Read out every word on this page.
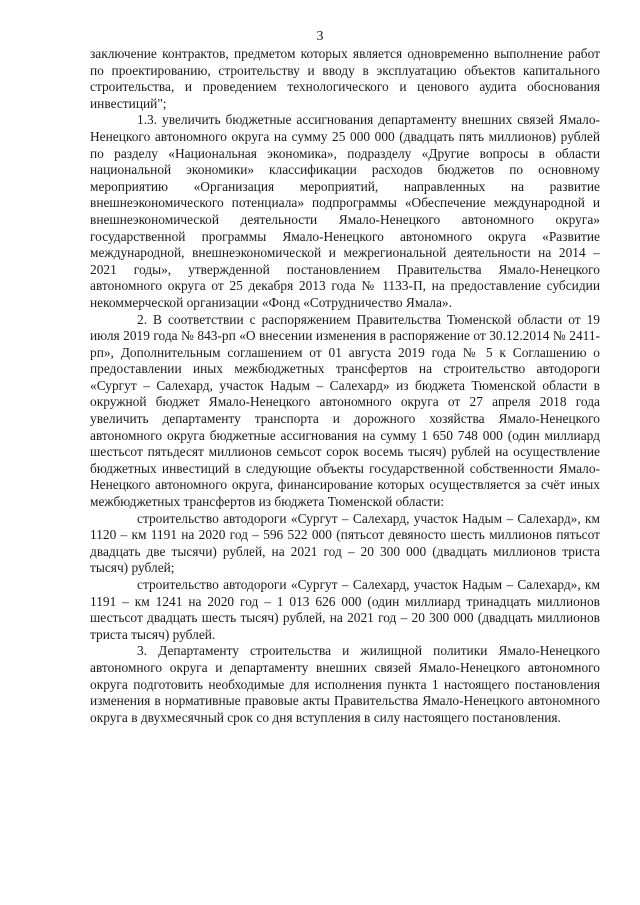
3

заключение контрактов, предметом которых является одновременно выполнение работ по проектированию, строительству и вводу в эксплуатацию объектов капитального строительства, и проведением технологического и ценового аудита обоснования инвестиций";

1.3. увеличить бюджетные ассигнования департаменту внешних связей Ямало-Ненецкого автономного округа на сумму 25 000 000 (двадцать пять миллионов) рублей по разделу «Национальная экономика», подразделу «Другие вопросы в области национальной экономики» классификации расходов бюджетов по основному мероприятию «Организация мероприятий, направленных на развитие внешнеэкономического потенциала» подпрограммы «Обеспечение международной и внешнеэкономической деятельности Ямало-Ненецкого автономного округа» государственной программы Ямало-Ненецкого автономного округа «Развитие международной, внешнеэкономической и межрегиональной деятельности на 2014 – 2021 годы», утвержденной постановлением Правительства Ямало-Ненецкого автономного округа от 25 декабря 2013 года № 1133-П, на предоставление субсидии некоммерческой организации «Фонд «Сотрудничество Ямала».

2. В соответствии с распоряжением Правительства Тюменской области от 19 июля 2019 года № 843-рп «О внесении изменения в распоряжение от 30.12.2014 № 2411-рп», Дополнительным соглашением от 01 августа 2019 года № 5 к Соглашению о предоставлении иных межбюджетных трансфертов на строительство автодороги «Сургут – Салехард, участок Надым – Салехард» из бюджета Тюменской области в окружной бюджет Ямало-Ненецкого автономного округа от 27 апреля 2018 года увеличить департаменту транспорта и дорожного хозяйства Ямало-Ненецкого автономного округа бюджетные ассигнования на сумму 1 650 748 000 (один миллиард шестьсот пятьдесят миллионов семьсот сорок восемь тысяч) рублей на осуществление бюджетных инвестиций в следующие объекты государственной собственности Ямало-Ненецкого автономного округа, финансирование которых осуществляется за счёт иных межбюджетных трансфертов из бюджета Тюменской области:

строительство автодороги «Сургут – Салехард, участок Надым – Салехард», км 1120 – км 1191 на 2020 год – 596 522 000 (пятьсот девяносто шесть миллионов пятьсот двадцать две тысячи) рублей, на 2021 год – 20 300 000 (двадцать миллионов триста тысяч) рублей;

строительство автодороги «Сургут – Салехард, участок Надым – Салехард», км 1191 – км 1241 на 2020 год – 1 013 626 000 (один миллиард тринадцать миллионов шестьсот двадцать шесть тысяч) рублей, на 2021 год – 20 300 000 (двадцать миллионов триста тысяч) рублей.

3. Департаменту строительства и жилищной политики Ямало-Ненецкого автономного округа и департаменту внешних связей Ямало-Ненецкого автономного округа подготовить необходимые для исполнения пункта 1 настоящего постановления изменения в нормативные правовые акты Правительства Ямало-Ненецкого автономного округа в двухмесячный срок со дня вступления в силу настоящего постановления.
